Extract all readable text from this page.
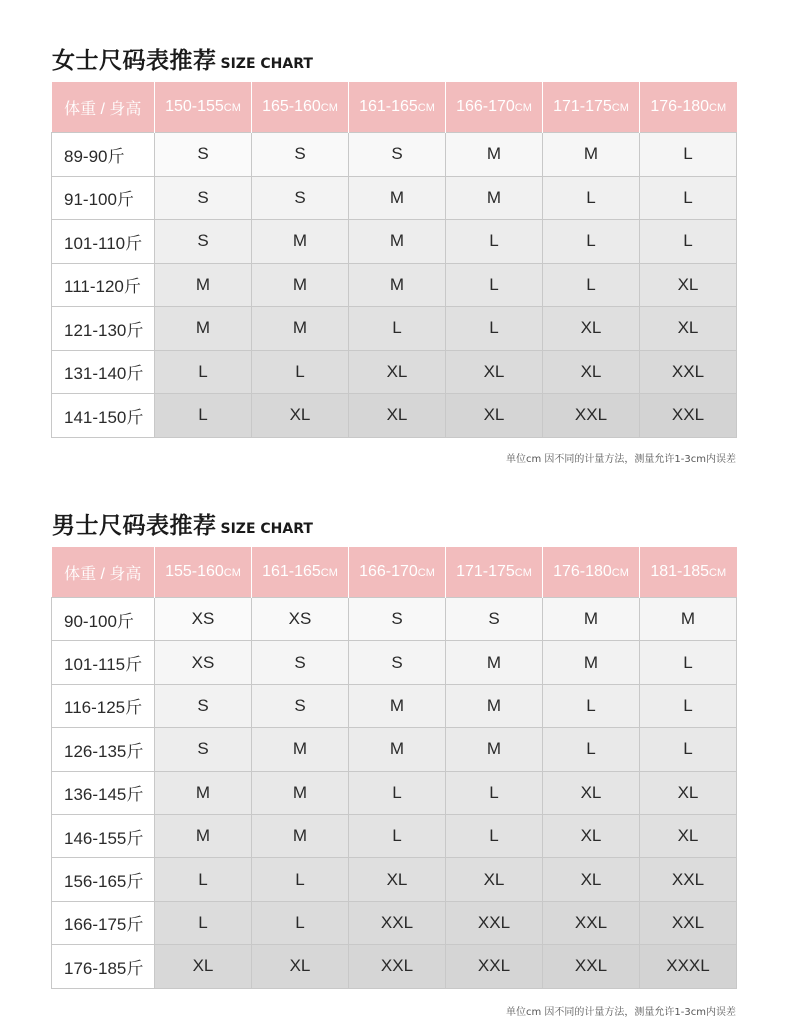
女士尺码表推荐 SIZE CHART
体重 / 身高	150-155CM	165-160CM	161-165CM	166-170CM	171-175CM	176-180CM
89-90斤	S	S	S	M	M	L
91-100斤	S	S	M	M	L	L
101-110斤	S	M	M	L	L	L
111-120斤	M	M	M	L	L	XL
121-130斤	M	M	L	L	XL	XL
131-140斤	L	L	XL	XL	XL	XXL
141-150斤	L	XL	XL	XL	XXL	XXL
单位cm 因不同的计量方法，测量允许1-3cm内误差
男士尺码表推荐 SIZE CHART
体重 / 身高	155-160CM	161-165CM	166-170CM	171-175CM	176-180CM	181-185CM
90-100斤	XS	XS	S	S	M	M
101-115斤	XS	S	S	M	M	L
116-125斤	S	S	M	M	L	L
126-135斤	S	M	M	M	L	L
136-145斤	M	M	L	L	XL	XL
146-155斤	M	M	L	L	XL	XL
156-165斤	L	L	XL	XL	XL	XXL
166-175斤	L	L	XXL	XXL	XXL	XXL
176-185斤	XL	XL	XXL	XXL	XXL	XXXL
单位cm 因不同的计量方法，测量允许1-3cm内误差
